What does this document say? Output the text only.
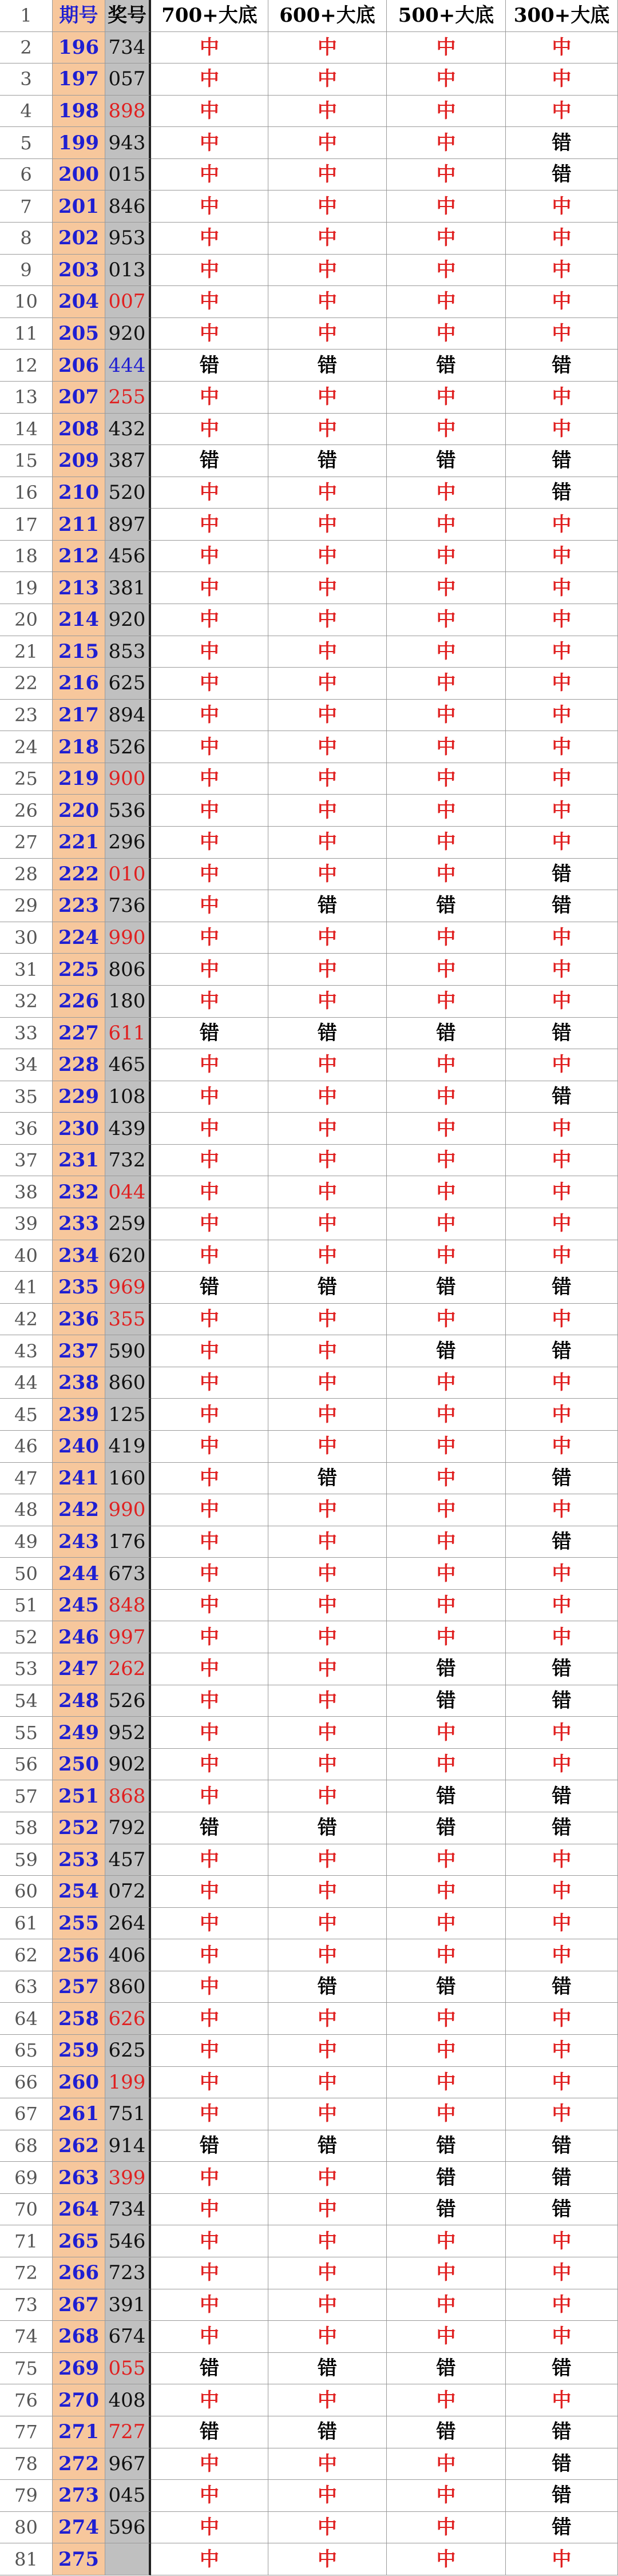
1	期号 奖号 700+大底	600+大底	500+大底	300+大底
2	196 734	中	中	中	中
3	197 057	中	中	中	中
4	198 898	中	中	中	中
5	199 943	中	中	中	错
6	200 015	中	中	中	错
7	201 846	中	中	中	中
8	202 953	中	中	中	中
9	203 013	中	中	中	中
10	204 007	中	中	中	中
11	205 920	中	中	中	中
12	206 444	错	错	错	错
13	207 255	中	中	中	中
14	208 432	中	中	中	中
15	209 387	错	错	错	错
16	210 520	中	中	中	错
17	211 897	中	中	中	中
18	212 456	中	中	中	中
19	213 381	中	中	中	中
20	214 920	中	中	中	中
21	215 853	中	中	中	中
22	216 625	中	中	中	中
23	217 894	中	中	中	中
24	218 526	中	中	中	中
25	219 900	中	中	中	中
26	220 536	中	中	中	中
27	221 296	中	中	中	中
28	222 010	中	中	中	错
29	223 736	中	错	错	错
30	224 990	中	中	中	中
31	225 806	中	中	中	中
32	226 180	中	中	中	中
33	227 611	错	错	错	错
34	228 465	中	中	中	中
35	229 108	中	中	中	错
36	230 439	中	中	中	中
37	231 732	中	中	中	中
38	232 044	中	中	中	中
39	233 259	中	中	中	中
40	234 620	中	中	中	中
41	235 969	错	错	错	错
42	236 355	中	中	中	中
43	237 590	中	中	错	错
44	238 860	中	中	中	中
45	239 125	中	中	中	中
46	240 419	中	中	中	中
47	241 160	中	错	中	错
48	242 990	中	中	中	中
49	243 176	中	中	中	错
50	244 673	中	中	中	中
51	245 848	中	中	中	中
52	246 997	中	中	中	中
53	247 262	中	中	错	错
54	248 526	中	中	错	错
55	249 952	中	中	中	中
56	250 902	中	中	中	中
57	251 868	中	中	错	错
58	252 792	错	错	错	错
59	253 457	中	中	中	中
60	254 072	中	中	中	中
61	255 264	中	中	中	中
62	256 406	中	中	中	中
63	257 860	中	错	错	错
64	258 626	中	中	中	中
65	259 625	中	中	中	中
66	260 199	中	中	中	中
67	261 751	中	中	中	中
68	262 914	错	错	错	错
69	263 399	中	中	错	错
70	264 734	中	中	错	错
71	265 546	中	中	中	中
72	266 723	中	中	中	中
73	267 391	中	中	中	中
74	268 674	中	中	中	中
75	269 055	错	错	错	错
76	270 408	中	中	中	中
77	271 727	错	错	错	错
78	272 967	中	中	中	错
79	273 045	中	中	中	错
80	274 596	中	中	中	错
81	275	中	中	中	中
